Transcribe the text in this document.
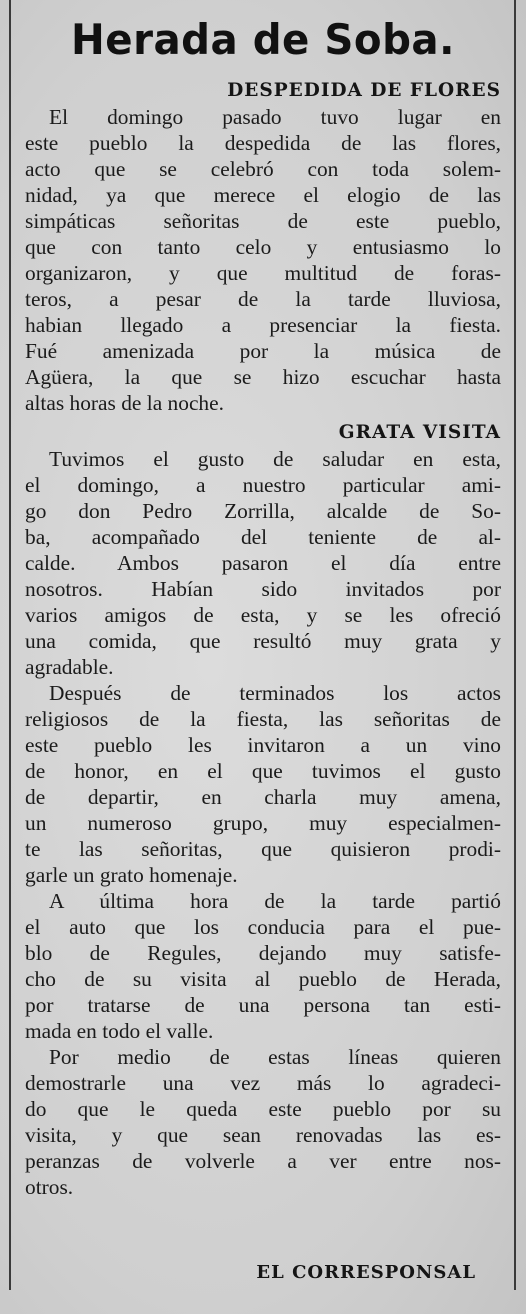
Herada de Soba.
DESPEDIDA DE FLORES
El domingo pasado tuvo lugar en
este pueblo la despedida de las flores,
acto que se celebró con toda solem-
nidad, ya que merece el elogio de las
simpáticas señoritas de este pueblo,
que con tanto celo y entusiasmo lo
organizaron, y que multitud de foras-
teros, a pesar de la tarde lluviosa,
habian llegado a presenciar la fiesta.
Fué amenizada por la música de
Agüera, la que se hizo escuchar hasta
altas horas de la noche.
GRATA VISITA
Tuvimos el gusto de saludar en esta,
el domingo, a nuestro particular ami-
go don Pedro Zorrilla, alcalde de So-
ba, acompañado del teniente de al-
calde. Ambos pasaron el día entre
nosotros. Habían sido invitados por
varios amigos de esta, y se les ofreció
una comida, que resultó muy grata y
agradable.
Después de terminados los actos
religiosos de la fiesta, las señoritas de
este pueblo les invitaron a un vino
de honor, en el que tuvimos el gusto
de departir, en charla muy amena,
un numeroso grupo, muy especialmen-
te las señoritas, que quisieron prodi-
garle un grato homenaje.
A última hora de la tarde partió
el auto que los conducia para el pue-
blo de Regules, dejando muy satisfe-
cho de su visita al pueblo de Herada,
por tratarse de una persona tan esti-
mada en todo el valle.
Por medio de estas líneas quieren
demostrarle una vez más lo agradeci-
do que le queda este pueblo por su
visita, y que sean renovadas las es-
peranzas de volverle a ver entre nos-
otros.
EL CORRESPONSAL
